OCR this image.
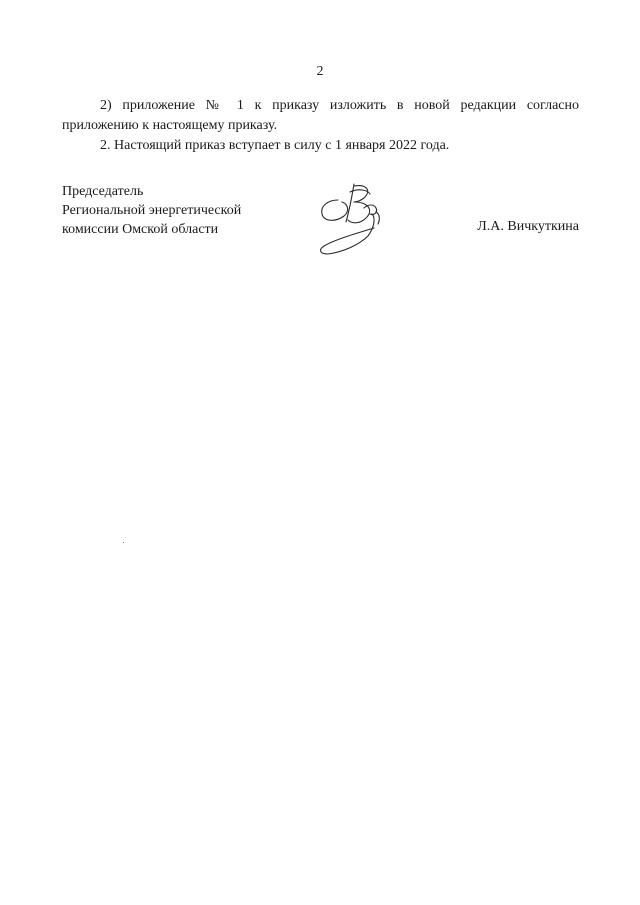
2

2) приложение № 1 к приказу изложить в новой редакции согласно приложению к настоящему приказу.

2. Настоящий приказ вступает в силу с 1 января 2022 года.

Председатель
Региональной энергетической
комиссии Омской области	Л.А. Вичкуткина
